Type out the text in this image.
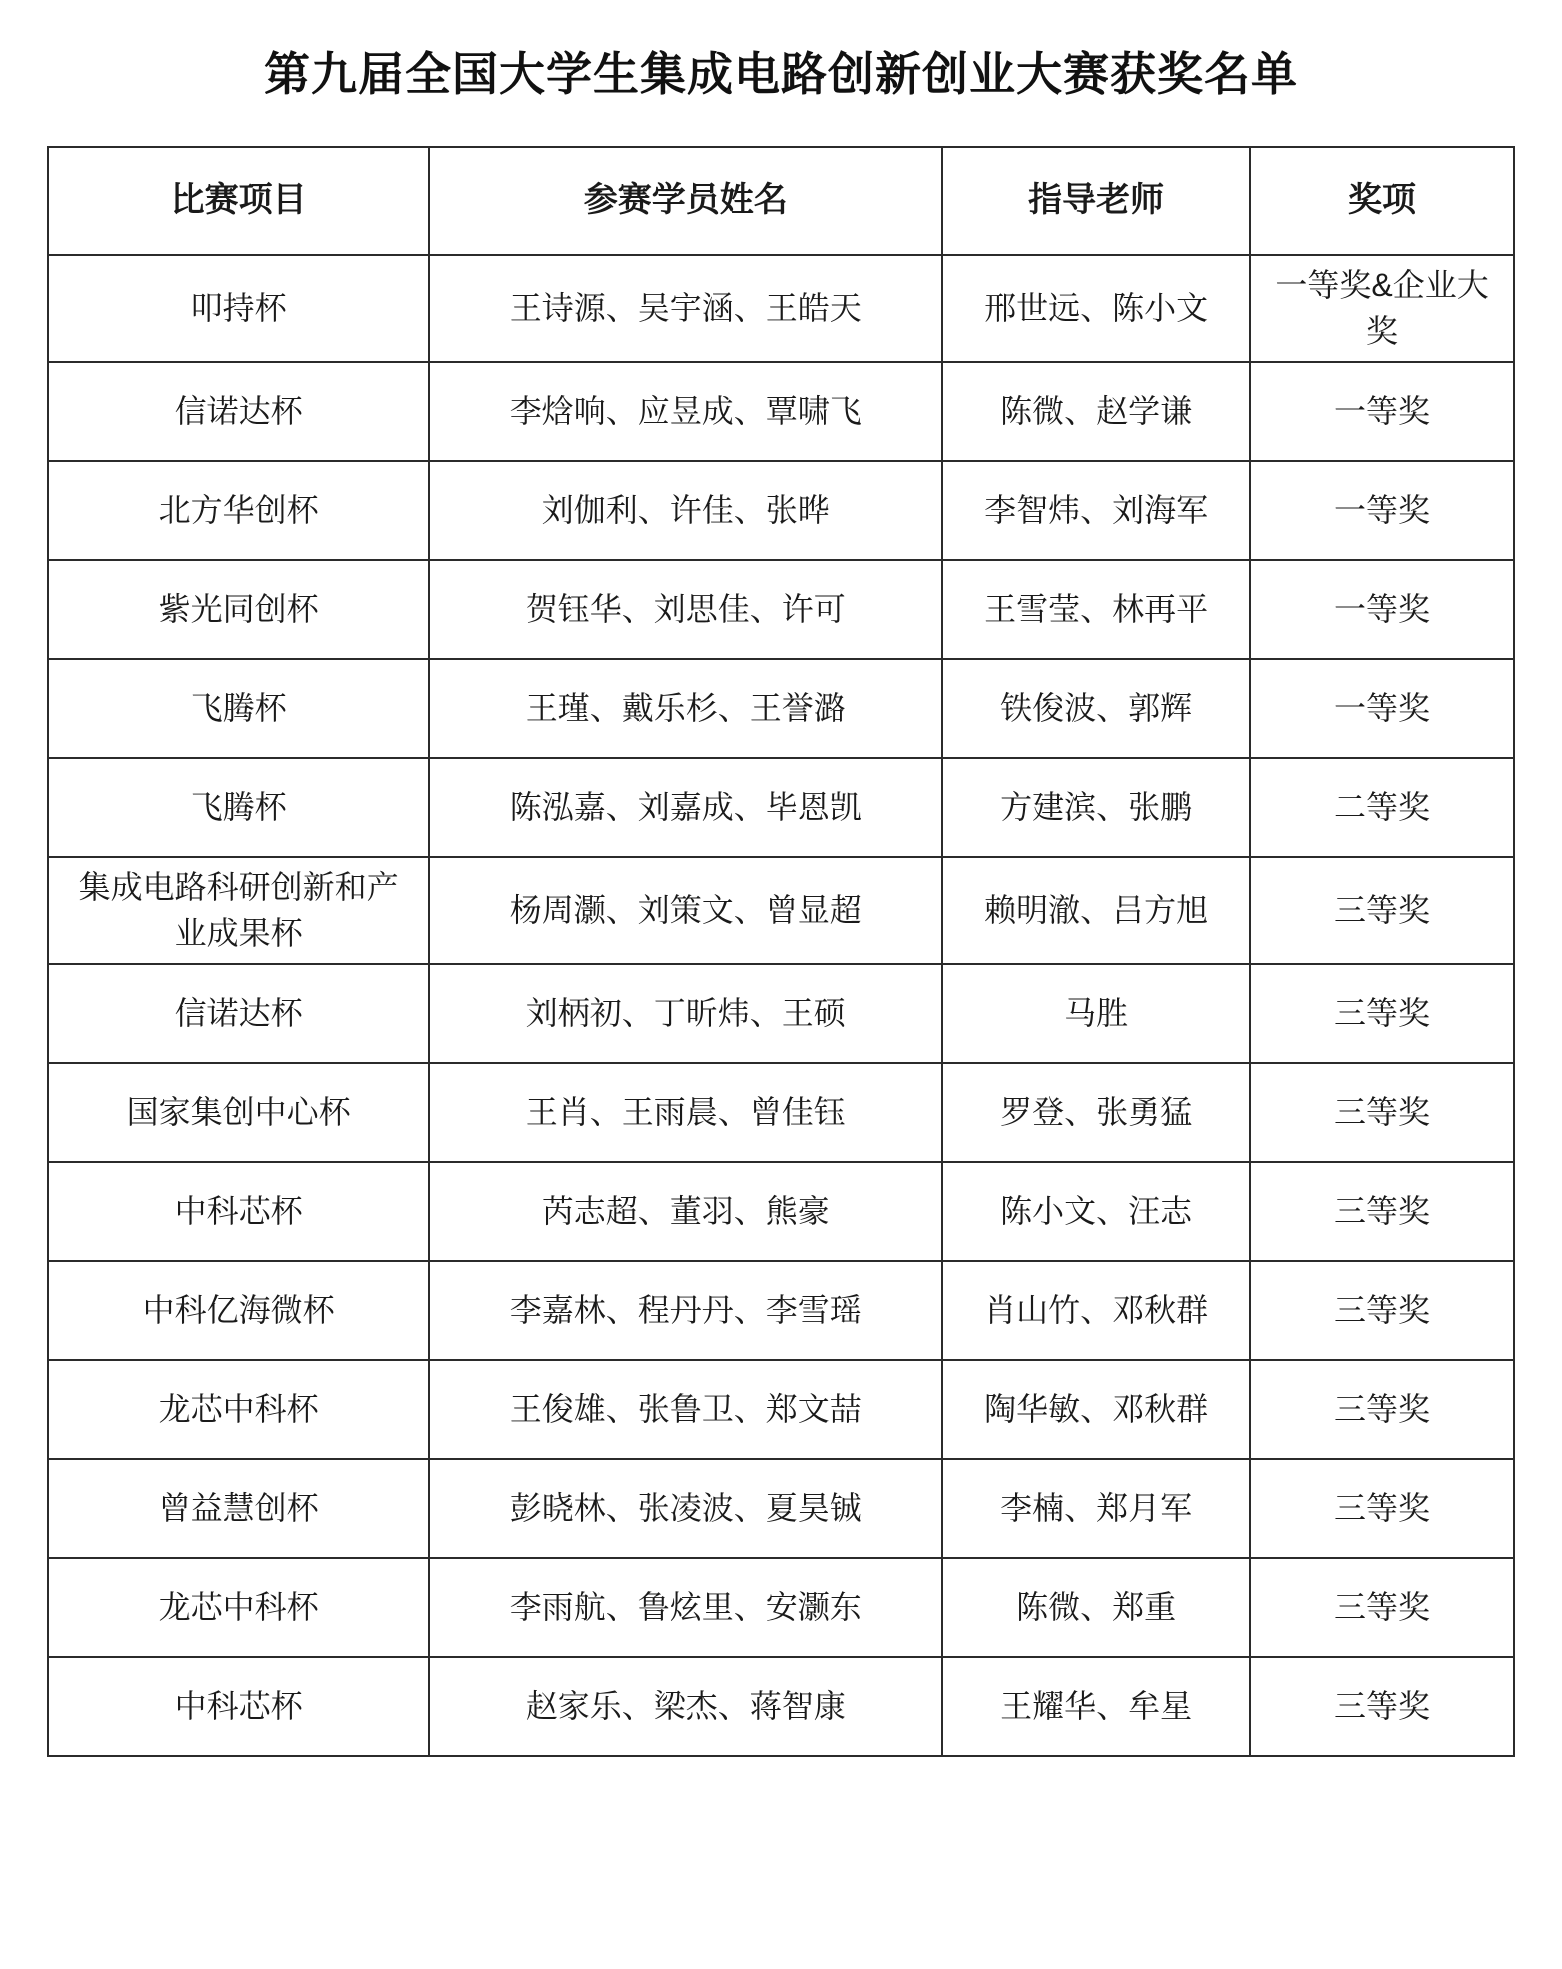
第九届全国大学生集成电路创新创业大赛获奖名单
比赛项目	参赛学员姓名	指导老师	奖项
叩持杯	王诗源、吴宇涵、王皓天	邢世远、陈小文	一等奖&企业大奖
信诺达杯	李焓响、应昱成、覃啸飞	陈微、赵学谦	一等奖
北方华创杯	刘伽利、许佳、张晔	李智炜、刘海军	一等奖
紫光同创杯	贺钰华、刘思佳、许可	王雪莹、林再平	一等奖
飞腾杯	王瑾、戴乐杉、王誉潞	铁俊波、郭辉	一等奖
飞腾杯	陈泓嘉、刘嘉成、毕恩凯	方建滨、张鹏	二等奖
集成电路科研创新和产业成果杯	杨周灏、刘策文、曾显超	赖明澈、吕方旭	三等奖
信诺达杯	刘柄初、丁昕炜、王硕	马胜	三等奖
国家集创中心杯	王肖、王雨晨、曾佳钰	罗登、张勇猛	三等奖
中科芯杯	芮志超、董羽、熊豪	陈小文、汪志	三等奖
中科亿海微杯	李嘉林、程丹丹、李雪瑶	肖山竹、邓秋群	三等奖
龙芯中科杯	王俊雄、张鲁卫、郑文喆	陶华敏、邓秋群	三等奖
曾益慧创杯	彭晓林、张凌波、夏昊铖	李楠、郑月军	三等奖
龙芯中科杯	李雨航、鲁炫里、安灏东	陈微、郑重	三等奖
中科芯杯	赵家乐、梁杰、蒋智康	王耀华、牟星	三等奖
